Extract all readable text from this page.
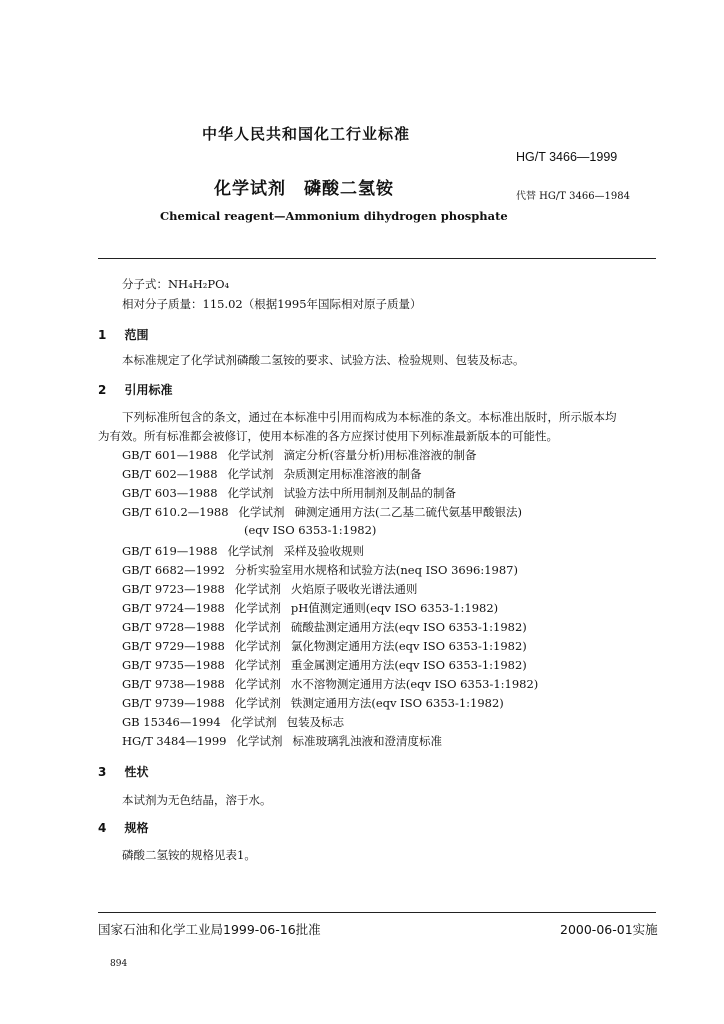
中华人民共和国化工行业标准
HG/T 3466—1999
化学试剂　磷酸二氢铵	代替 HG/T 3466—1984
Chemical reagent—Ammonium dihydrogen phosphate
分子式：NH₄H₂PO₄
相对分子质量：115.02（根据1995年国际相对原子质量）
1 范围
本标准规定了化学试剂磷酸二氢铵的要求、试验方法、检验规则、包装及标志。
2 引用标准
下列标准所包含的条文，通过在本标准中引用而构成为本标准的条文。本标准出版时，所示版本均
为有效。所有标准都会被修订，使用本标准的各方应探讨使用下列标准最新版本的可能性。
GB/T 601—1988 化学试剂 滴定分析(容量分析)用标准溶液的制备
GB/T 602—1988 化学试剂 杂质测定用标准溶液的制备
GB/T 603—1988 化学试剂 试验方法中所用制剂及制品的制备
GB/T 610.2—1988 化学试剂 砷测定通用方法(二乙基二硫代氨基甲酸银法)
(eqv ISO 6353-1:1982)
GB/T 619—1988 化学试剂 采样及验收规则
GB/T 6682—1992 分析实验室用水规格和试验方法(neq ISO 3696:1987)
GB/T 9723—1988 化学试剂 火焰原子吸收光谱法通则
GB/T 9724—1988 化学试剂 pH值测定通则(eqv ISO 6353-1:1982)
GB/T 9728—1988 化学试剂 硫酸盐测定通用方法(eqv ISO 6353-1:1982)
GB/T 9729—1988 化学试剂 氯化物测定通用方法(eqv ISO 6353-1:1982)
GB/T 9735—1988 化学试剂 重金属测定通用方法(eqv ISO 6353-1:1982)
GB/T 9738—1988 化学试剂 水不溶物测定通用方法(eqv ISO 6353-1:1982)
GB/T 9739—1988 化学试剂 铁测定通用方法(eqv ISO 6353-1:1982)
GB 15346—1994 化学试剂 包装及标志
HG/T 3484—1999 化学试剂 标准玻璃乳浊液和澄清度标准
3 性状
本试剂为无色结晶，溶于水。
4 规格
磷酸二氢铵的规格见表1。
国家石油和化学工业局1999-06-16批准	2000-06-01实施
894
